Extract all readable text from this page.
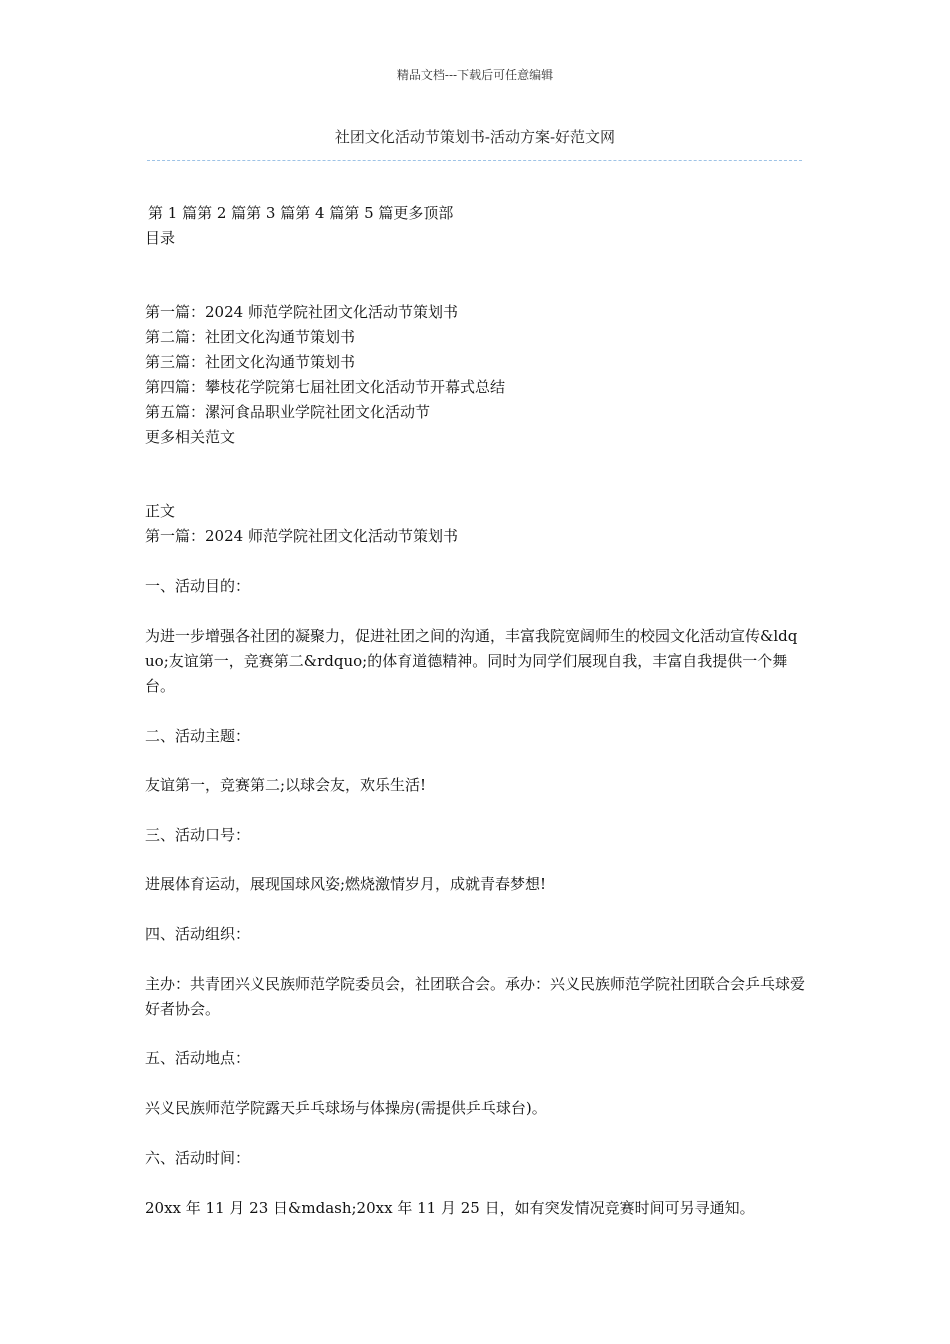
精品文档---下载后可任意编辑
社团文化活动节策划书-活动方案-好范文网
第 1 篇第 2 篇第 3 篇第 4 篇第 5 篇更多顶部
目录
第一篇：2024 师范学院社团文化活动节策划书
第二篇：社团文化沟通节策划书
第三篇：社团文化沟通节策划书
第四篇：攀枝花学院第七届社团文化活动节开幕式总结
第五篇：漯河食品职业学院社团文化活动节
更多相关范文
正文
第一篇：2024 师范学院社团文化活动节策划书
一、活动目的：
为进一步增强各社团的凝聚力，促进社团之间的沟通，丰富我院宽阔师生的校园文化活动宣传&ldquo;友谊第一，竞赛第二&rdquo;的体育道德精神。同时为同学们展现自我，丰富自我提供一个舞台。
二、活动主题：
友谊第一，竞赛第二;以球会友，欢乐生活!
三、活动口号：
进展体育运动，展现国球风姿;燃烧激情岁月，成就青春梦想!
四、活动组织：
主办：共青团兴义民族师范学院委员会，社团联合会。承办：兴义民族师范学院社团联合会乒乓球爱好者协会。
五、活动地点：
兴义民族师范学院露天乒乓球场与体操房(需提供乒乓球台)。
六、活动时间：
20xx 年 11 月 23 日&mdash;20xx 年 11 月 25 日，如有突发情况竞赛时间可另寻通知。
